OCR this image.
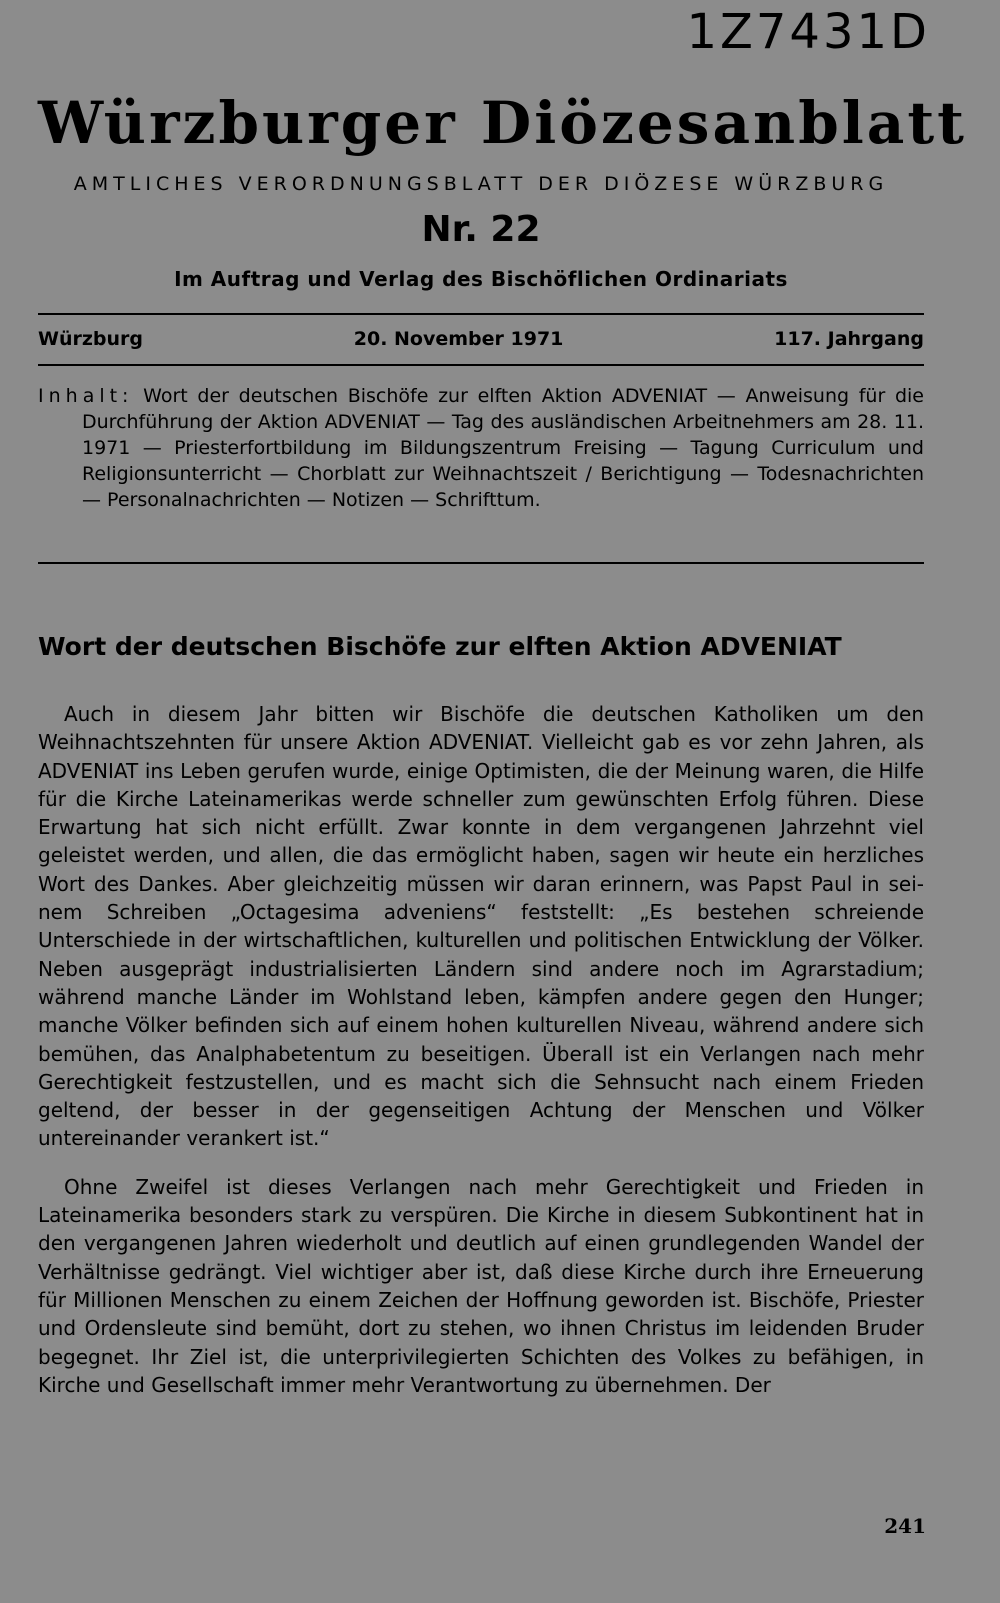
1Z7431D
Würzburger Diözesanblatt
AMTLICHES VERORDNUNGSBLATT DER DIÖZESE WÜRZBURG
Nr. 22
Im Auftrag und Verlag des Bischöflichen Ordinariats
Würzburg	20. November 1971	117. Jahrgang
Inhalt: Wort der deutschen Bischöfe zur elften Aktion ADVENIAT — Anweisung für die Durchführung der Aktion ADVENIAT — Tag des ausländischen Arbeitnehmers am 28. 11. 1971 — Priesterfortbildung im Bildungszentrum Freising — Tagung Curriculum und Religionsunterricht — Chorblatt zur Weihnachtszeit / Berichtigung — Todesnachrichten — Personalnachrichten — Notizen — Schrifttum.
Wort der deutschen Bischöfe zur elften Aktion ADVENIAT

Auch in diesem Jahr bitten wir Bischöfe die deutschen Katholiken um den Weihnachtszehnten für unsere Aktion ADVENIAT. Vielleicht gab es vor zehn Jahren, als ADVENIAT ins Leben gerufen wurde, einige Optimisten, die der Meinung waren, die Hilfe für die Kirche Lateinamerikas werde schneller zum gewünschten Erfolg führen. Diese Erwartung hat sich nicht erfüllt. Zwar konnte in dem vergangenen Jahrzehnt viel geleistet werden, und allen, die das ermöglicht haben, sagen wir heute ein herzliches Wort des Dankes. Aber gleichzeitig müssen wir daran erinnern, was Papst Paul in seinem Schreiben „Octagesima adveniens“ feststellt: „Es bestehen schreiende Unterschiede in der wirtschaftlichen, kulturellen und politischen Entwicklung der Völker. Neben ausgeprägt industrialisierten Ländern sind andere noch im Agrarstadium; während manche Länder im Wohlstand leben, kämpfen andere gegen den Hunger; manche Völker befinden sich auf einem hohen kulturellen Niveau, während andere sich bemühen, das Analphabetentum zu beseitigen. Überall ist ein Verlangen nach mehr Gerechtigkeit festzustellen, und es macht sich die Sehnsucht nach einem Frieden geltend, der besser in der gegenseitigen Achtung der Menschen und Völker untereinander verankert ist.“

Ohne Zweifel ist dieses Verlangen nach mehr Gerechtigkeit und Frieden in Lateinamerika besonders stark zu verspüren. Die Kirche in diesem Subkontinent hat in den vergangenen Jahren wiederholt und deutlich auf einen grundlegenden Wandel der Verhältnisse gedrängt. Viel wichtiger aber ist, daß diese Kirche durch ihre Erneuerung für Millionen Menschen zu einem Zeichen der Hoffnung geworden ist. Bischöfe, Priester und Ordensleute sind bemüht, dort zu stehen, wo ihnen Christus im leidenden Bruder begegnet. Ihr Ziel ist, die unterprivilegierten Schichten des Volkes zu befähigen, in Kirche und Gesellschaft immer mehr Verantwortung zu übernehmen. Der

241
